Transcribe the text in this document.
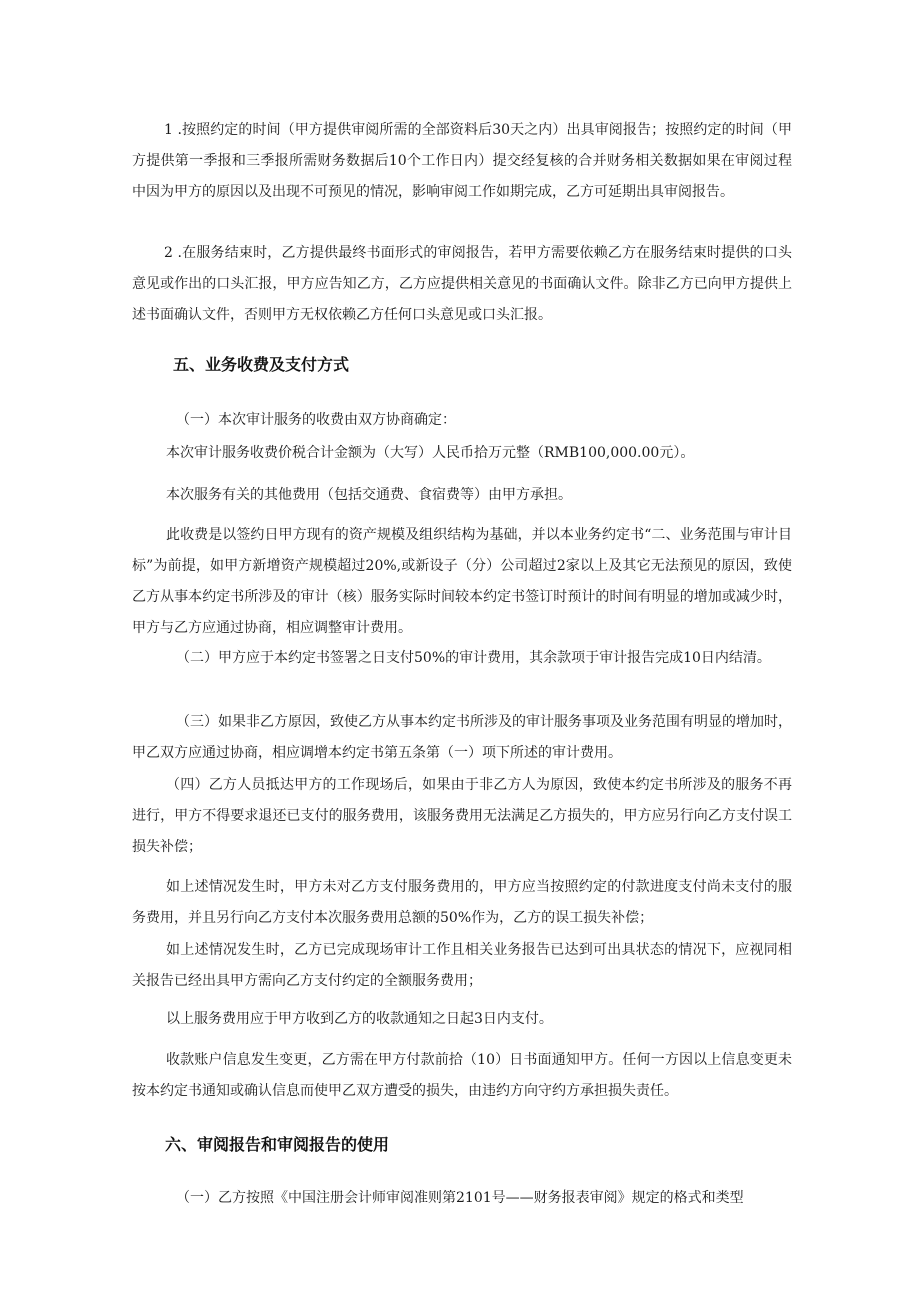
1 .按照约定的时间（甲方提供审阅所需的全部资料后30天之内）出具审阅报告；按照约定的时间（甲方提供第一季报和三季报所需财务数据后10个工作日内）提交经复核的合并财务相关数据如果在审阅过程中因为甲方的原因以及出现不可预见的情况，影响审阅工作如期完成，乙方可延期出具审阅报告。

2 .在服务结束时，乙方提供最终书面形式的审阅报告，若甲方需要依赖乙方在服务结束时提供的口头意见或作出的口头汇报，甲方应告知乙方，乙方应提供相关意见的书面确认文件。除非乙方已向甲方提供上述书面确认文件，否则甲方无权依赖乙方任何口头意见或口头汇报。

五、业务收费及支付方式

（一）本次审计服务的收费由双方协商确定：

本次审计服务收费价税合计金额为（大写）人民币拾万元整（RMB100,000.00元）。

本次服务有关的其他费用（包括交通费、食宿费等）由甲方承担。

此收费是以签约日甲方现有的资产规模及组织结构为基础，并以本业务约定书“二、业务范围与审计目标”为前提，如甲方新增资产规模超过20%,或新设子（分）公司超过2家以上及其它无法预见的原因，致使乙方从事本约定书所涉及的审计（核）服务实际时间较本约定书签订时预计的时间有明显的增加或减少时，甲方与乙方应通过协商，相应调整审计费用。

（二）甲方应于本约定书签署之日支付50%的审计费用，其余款项于审计报告完成10日内结清。

（三）如果非乙方原因，致使乙方从事本约定书所涉及的审计服务事项及业务范围有明显的增加时，甲乙双方应通过协商，相应调增本约定书第五条第（一）项下所述的审计费用。

（四）乙方人员抵达甲方的工作现场后，如果由于非乙方人为原因，致使本约定书所涉及的服务不再进行，甲方不得要求退还已支付的服务费用，该服务费用无法满足乙方损失的，甲方应另行向乙方支付误工损失补偿；

如上述情况发生时，甲方未对乙方支付服务费用的，甲方应当按照约定的付款进度支付尚未支付的服务费用，并且另行向乙方支付本次服务费用总额的50%作为，乙方的误工损失补偿；

如上述情况发生时，乙方已完成现场审计工作且相关业务报告已达到可出具状态的情况下，应视同相关报告已经出具甲方需向乙方支付约定的全额服务费用；

以上服务费用应于甲方收到乙方的收款通知之日起3日内支付。

收款账户信息发生变更，乙方需在甲方付款前拾（10）日书面通知甲方。任何一方因以上信息变更未按本约定书通知或确认信息而使甲乙双方遭受的损失，由违约方向守约方承担损失责任。

六、审阅报告和审阅报告的使用

（一）乙方按照《中国注册会计师审阅准则第2101号——财务报表审阅》规定的格式和类型
